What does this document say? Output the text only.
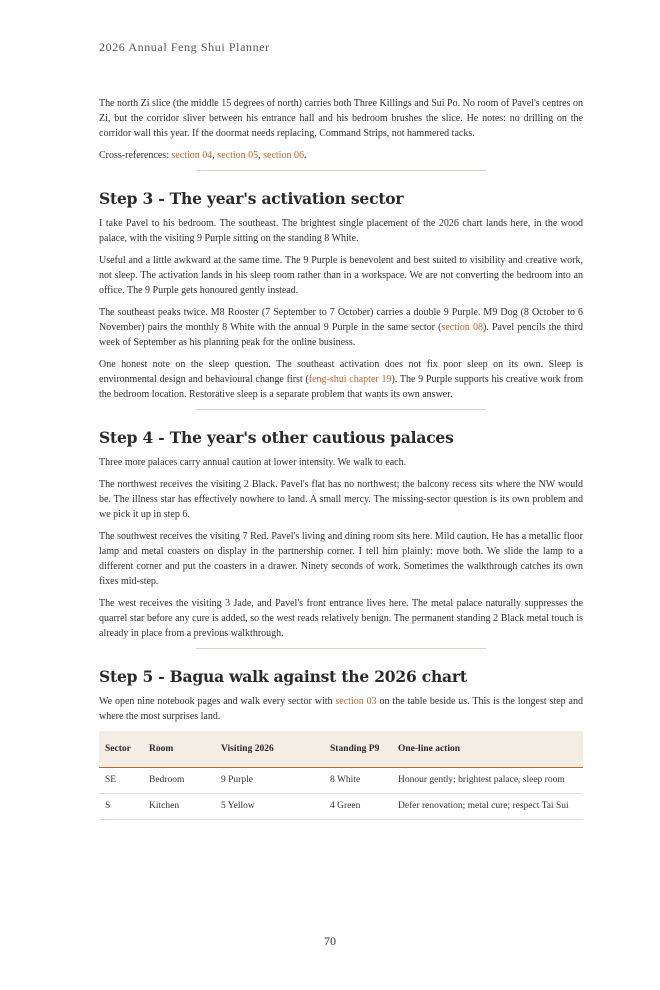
2026 Annual Feng Shui Planner

The north Zi slice (the middle 15 degrees of north) carries both Three Killings and Sui Po. No room of Pavel's centres on Zi, but the corridor sliver between his entrance hall and his bedroom brushes the slice. He notes: no drilling on the corridor wall this year. If the doormat needs replacing, Command Strips, not hammered tacks.

Cross-references: section 04, section 05, section 06.

Step 3 - The year's activation sector

I take Pavel to his bedroom. The southeast. The brightest single placement of the 2026 chart lands here, in the wood palace, with the visiting 9 Purple sitting on the standing 8 White.

Useful and a little awkward at the same time. The 9 Purple is benevolent and best suited to visibility and creative work, not sleep. The activation lands in his sleep room rather than in a workspace. We are not converting the bedroom into an office. The 9 Purple gets honoured gently instead.

The southeast peaks twice. M8 Rooster (7 September to 7 October) carries a double 9 Purple. M9 Dog (8 October to 6 November) pairs the monthly 8 White with the annual 9 Purple in the same sector (section 08). Pavel pencils the third week of September as his planning peak for the online business.

One honest note on the sleep question. The southeast activation does not fix poor sleep on its own. Sleep is environmental design and behavioural change first (feng-shui chapter 19). The 9 Purple supports his creative work from the bedroom location. Restorative sleep is a separate problem that wants its own answer.

Step 4 - The year's other cautious palaces

Three more palaces carry annual caution at lower intensity. We walk to each.

The northwest receives the visiting 2 Black. Pavel's flat has no northwest; the balcony recess sits where the NW would be. The illness star has effectively nowhere to land. A small mercy. The missing-sector question is its own problem and we pick it up in step 6.

The southwest receives the visiting 7 Red. Pavel's living and dining room sits here. Mild caution. He has a metallic floor lamp and metal coasters on display in the partnership corner. I tell him plainly: move both. We slide the lamp to a different corner and put the coasters in a drawer. Ninety seconds of work. Sometimes the walkthrough catches its own fixes mid-step.

The west receives the visiting 3 Jade, and Pavel's front entrance lives here. The metal palace naturally suppresses the quarrel star before any cure is added, so the west reads relatively benign. The permanent standing 2 Black metal touch is already in place from a previous walkthrough.

Step 5 - Bagua walk against the 2026 chart

We open nine notebook pages and walk every sector with section 03 on the table beside us. This is the longest step and where the most surprises land.

Sector	Room	Visiting 2026	Standing P9	One-line action
SE	Bedroom	9 Purple	8 White	Honour gently; brightest palace, sleep room
S	Kitchen	5 Yellow	4 Green	Defer renovation; metal cure; respect Tai Sui
70
